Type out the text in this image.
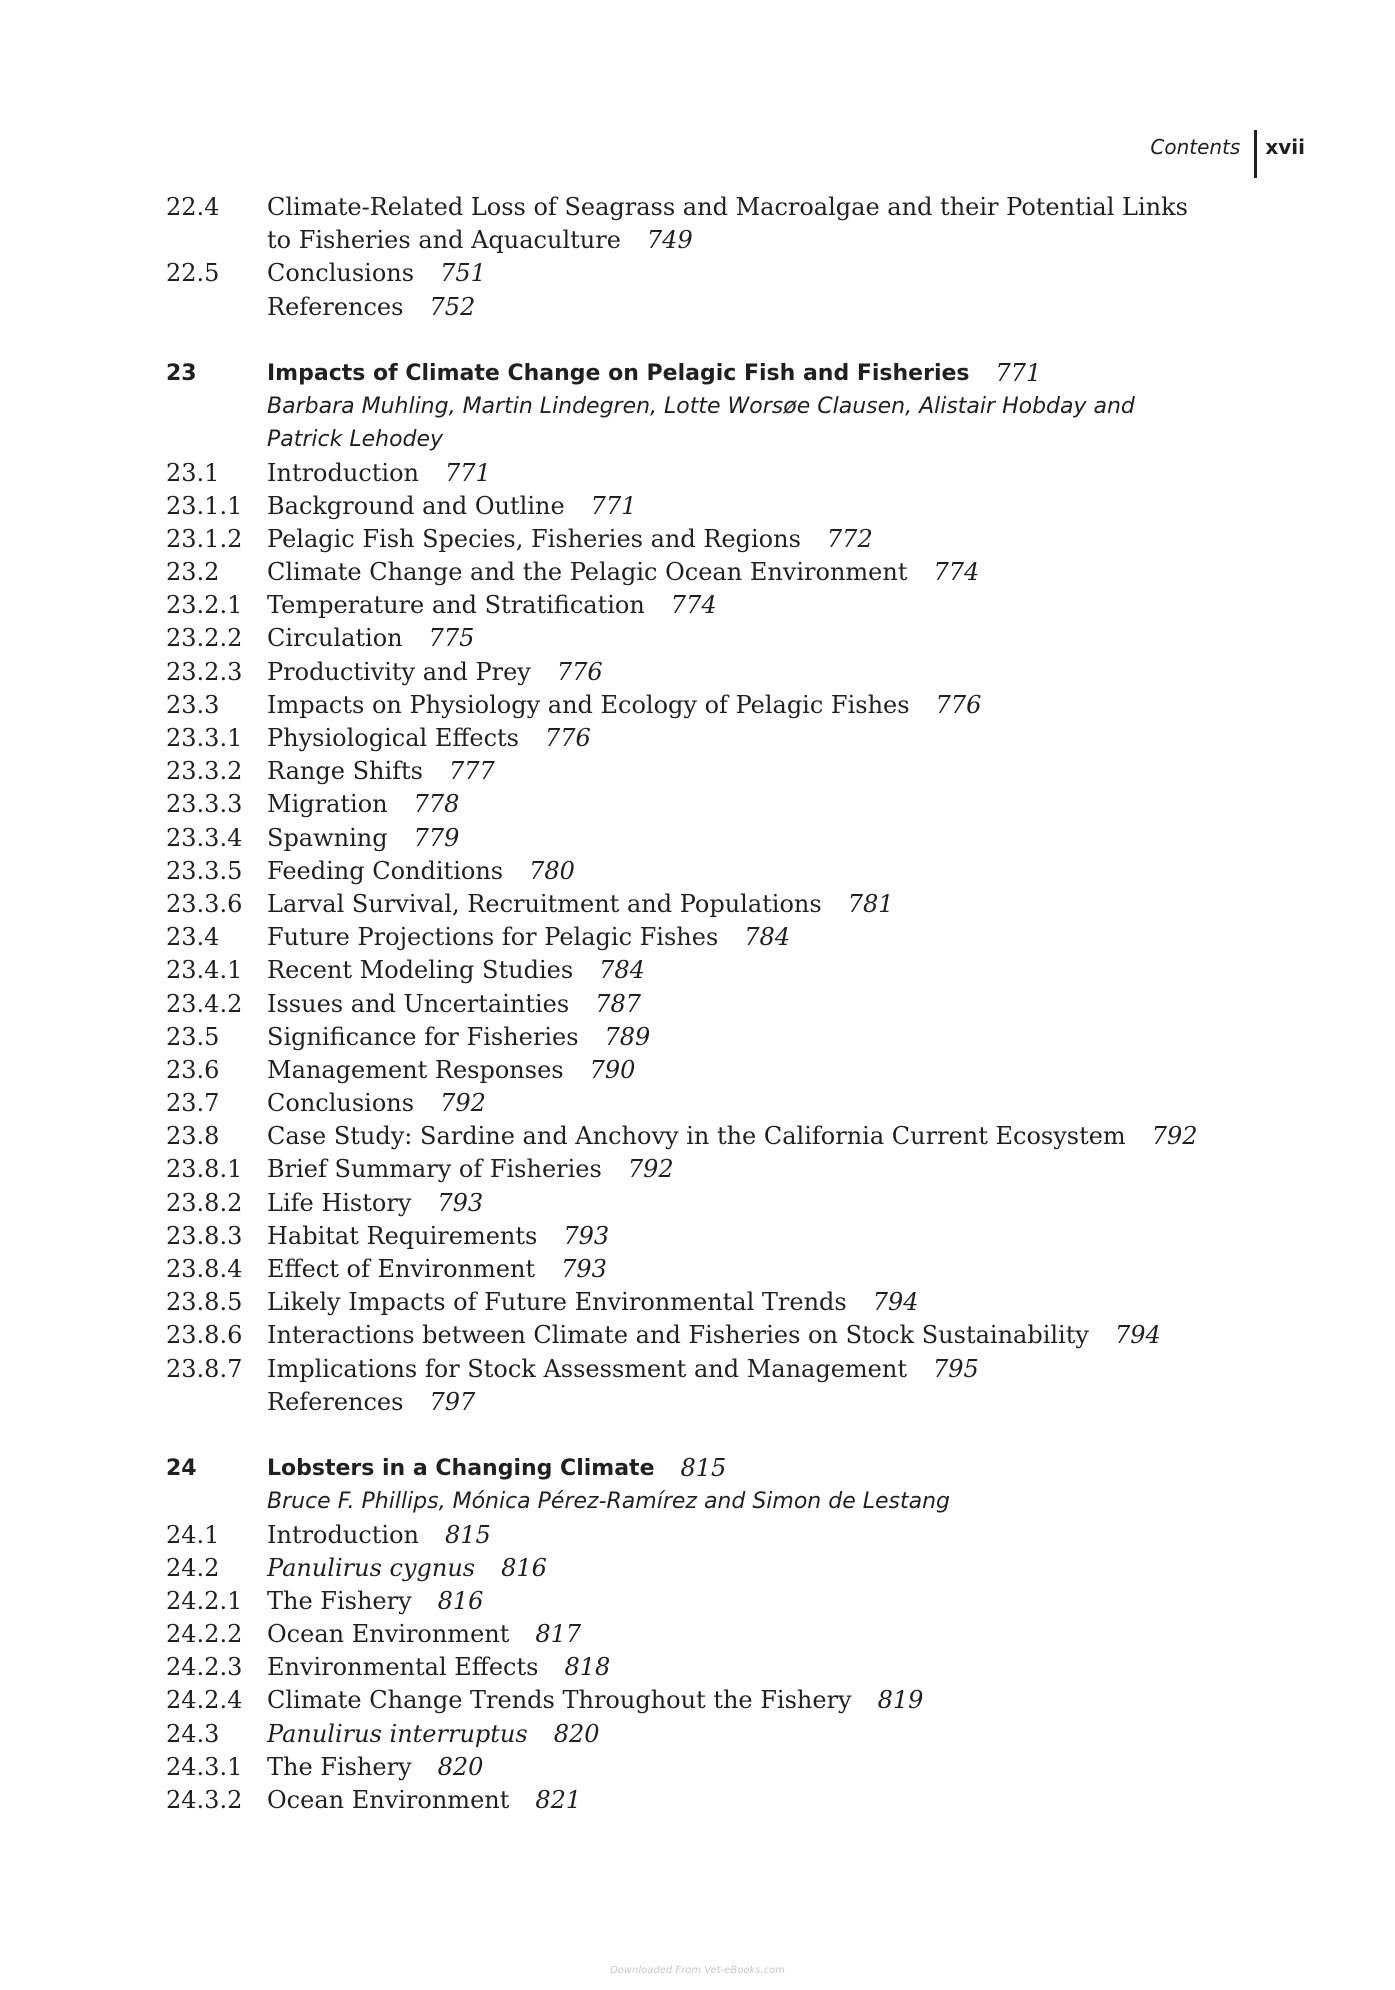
Contents xvii
22.4	Climate-Related Loss of Seagrass and Macroalgae and their Potential Links
to Fisheries and Aquaculture 749
22.5	Conclusions 751
References 752
23	Impacts of Climate Change on Pelagic Fish and Fisheries 771
Barbara Muhling, Martin Lindegren, Lotte Worsøe Clausen, Alistair Hobday and
Patrick Lehodey
23.1	Introduction 771
23.1.1	Background and Outline 771
23.1.2	Pelagic Fish Species, Fisheries and Regions 772
23.2	Climate Change and the Pelagic Ocean Environment 774
23.2.1	Temperature and Stratification 774
23.2.2	Circulation 775
23.2.3	Productivity and Prey 776
23.3	Impacts on Physiology and Ecology of Pelagic Fishes 776
23.3.1	Physiological Effects 776
23.3.2	Range Shifts 777
23.3.3	Migration 778
23.3.4	Spawning 779
23.3.5	Feeding Conditions 780
23.3.6	Larval Survival, Recruitment and Populations 781
23.4	Future Projections for Pelagic Fishes 784
23.4.1	Recent Modeling Studies 784
23.4.2	Issues and Uncertainties 787
23.5	Significance for Fisheries 789
23.6	Management Responses 790
23.7	Conclusions 792
23.8	Case Study: Sardine and Anchovy in the California Current Ecosystem 792
23.8.1	Brief Summary of Fisheries 792
23.8.2	Life History 793
23.8.3	Habitat Requirements 793
23.8.4	Effect of Environment 793
23.8.5	Likely Impacts of Future Environmental Trends 794
23.8.6	Interactions between Climate and Fisheries on Stock Sustainability 794
23.8.7	Implications for Stock Assessment and Management 795
References 797
24	Lobsters in a Changing Climate 815
Bruce F. Phillips, Mónica Pérez-Ramírez and Simon de Lestang
24.1	Introduction 815
24.2	Panulirus cygnus 816
24.2.1	The Fishery 816
24.2.2	Ocean Environment 817
24.2.3	Environmental Effects 818
24.2.4	Climate Change Trends Throughout the Fishery 819
24.3	Panulirus interruptus 820
24.3.1	The Fishery 820
24.3.2	Ocean Environment 821
Downloaded From Vet-eBooks.com
